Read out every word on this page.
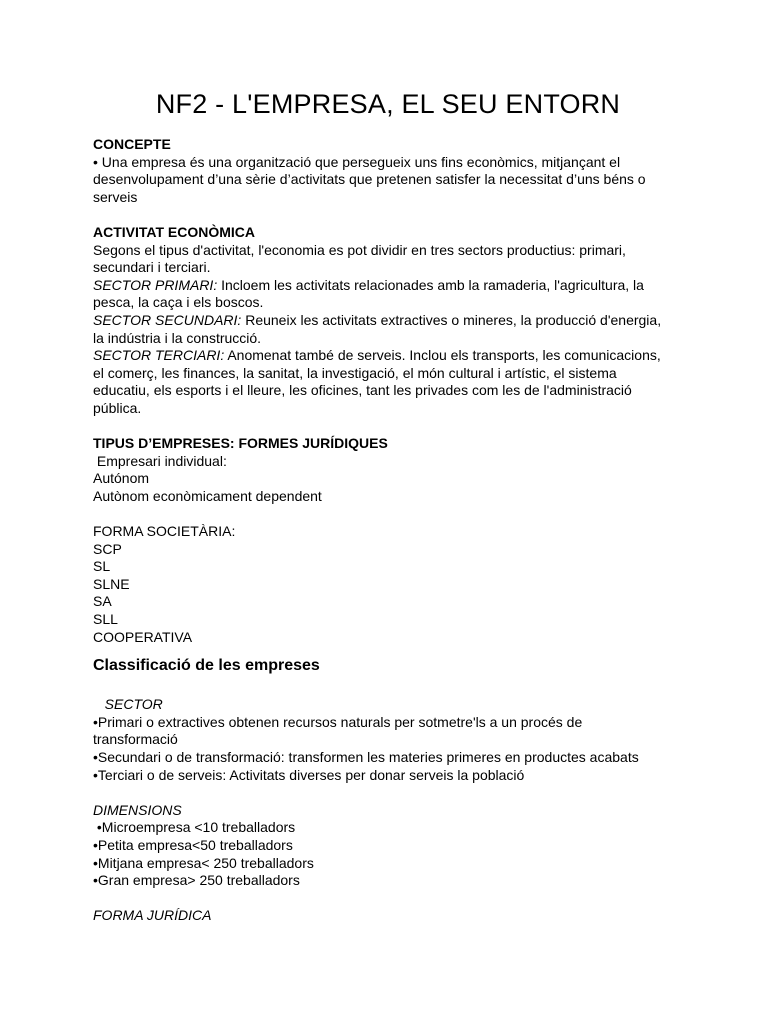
NF2 - L'EMPRESA, EL SEU ENTORN

CONCEPTE

• Una empresa és una organització que persegueix uns fins econòmics, mitjançant el

desenvolupament d’una sèrie d’activitats que pretenen satisfer la necessitat d’uns béns o

serveis

ACTIVITAT ECONÒMICA

Segons el tipus d'activitat, l'economia es pot dividir en tres sectors productius: primari,

secundari i terciari.

SECTOR PRIMARI: Incloem les activitats relacionades amb la ramaderia, l'agricultura, la

pesca, la caça i els boscos.

SECTOR SECUNDARI: Reuneix les activitats extractives o mineres, la producció d'energia,

la indústria i la construcció.

SECTOR TERCIARI: Anomenat també de serveis. Inclou els transports, les comunicacions,

el comerç, les finances, la sanitat, la investigació, el món cultural i artístic, el sistema

educatiu, els esports i el lleure, les oficines, tant les privades com les de l'administració

pública.

TIPUS D’EMPRESES: FORMES JURÍDIQUES

Empresari individual:

Autónom

Autònom econòmicament dependent

FORMA SOCIETÀRIA:

SCP

SL

SLNE

SA

SLL

COOPERATIVA

Classificació de les empreses

SECTOR

•Primari o extractives obtenen recursos naturals per sotmetre'ls a un procés de

transformació

•Secundari o de transformació: transformen les materies primeres en productes acabats

•Terciari o de serveis: Activitats diverses per donar serveis la població

DIMENSIONS

•Microempresa <10 treballadors

•Petita empresa<50 treballadors

•Mitjana empresa< 250 treballadors

•Gran empresa> 250 treballadors

FORMA JURÍDICA
